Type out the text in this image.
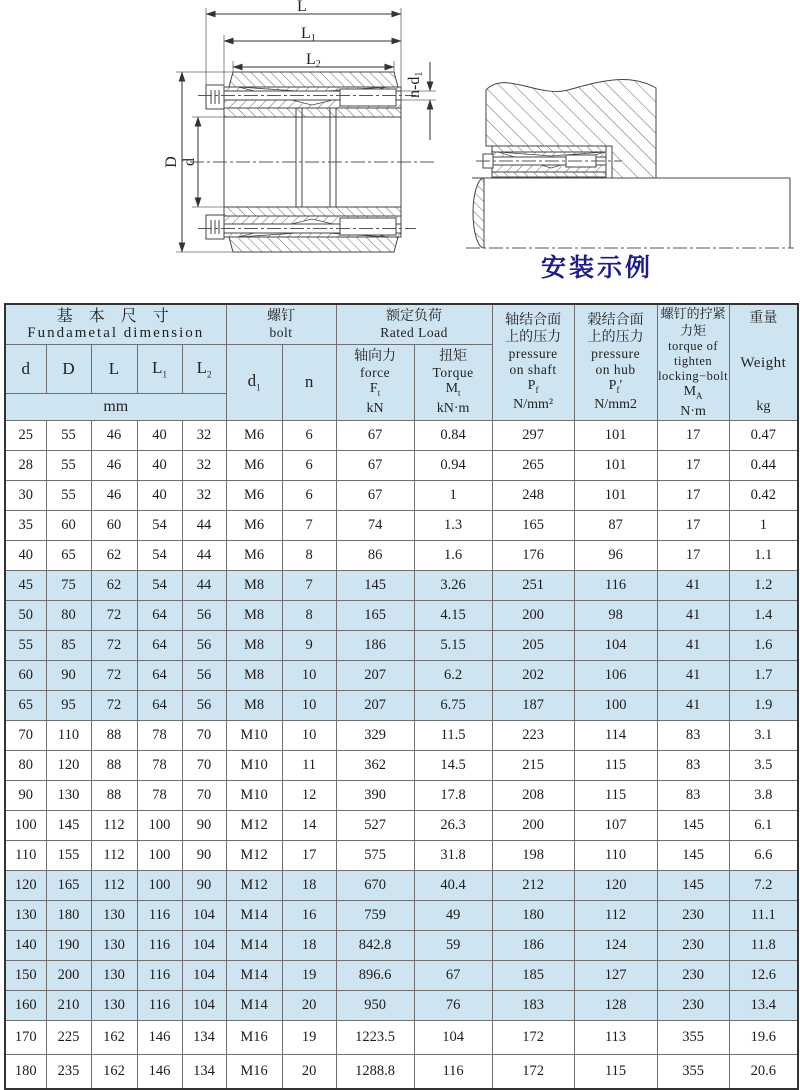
L
L1
L2
D d
n-d1
安装示例
基 本 尺 寸
Fundametal dimension

螺钉
bolt

额定负荷
Rated Load

轴结合面
上的压力
pressure
on shaft
$P_f$
N/mm²

榖结合面
上的压力
pressure
on hub
$P_f'$
N/mm2

螺钉的拧紧
力矩
torque of
tighten
locking−bolt
$M_A$
N·m

重量
Weight
kg

d	D	L	$L_1$	$L_2$	$d_1$	n	
轴向力
force
$F_t$
kN

扭矩
Torque
$M_t$
kN·m

mm												
25	55	46	40	32	M6	6	67	0.84	297	101	17	0.47
28	55	46	40	32	M6	6	67	0.94	265	101	17	0.44
30	55	46	40	32	M6	6	67	1	248	101	17	0.42
35	60	60	54	44	M6	7	74	1.3	165	87	17	1
40	65	62	54	44	M6	8	86	1.6	176	96	17	1.1
45	75	62	54	44	M8	7	145	3.26	251	116	41	1.2
50	80	72	64	56	M8	8	165	4.15	200	98	41	1.4
55	85	72	64	56	M8	9	186	5.15	205	104	41	1.6
60	90	72	64	56	M8	10	207	6.2	202	106	41	1.7
65	95	72	64	56	M8	10	207	6.75	187	100	41	1.9
70	110	88	78	70	M10	10	329	11.5	223	114	83	3.1
80	120	88	78	70	M10	11	362	14.5	215	115	83	3.5
90	130	88	78	70	M10	12	390	17.8	208	115	83	3.8
100	145	112	100	90	M12	14	527	26.3	200	107	145	6.1
110	155	112	100	90	M12	17	575	31.8	198	110	145	6.6
120	165	112	100	90	M12	18	670	40.4	212	120	145	7.2
130	180	130	116	104	M14	16	759	49	180	112	230	11.1
140	190	130	116	104	M14	18	842.8	59	186	124	230	11.8
150	200	130	116	104	M14	19	896.6	67	185	127	230	12.6
160	210	130	116	104	M14	20	950	76	183	128	230	13.4
170	225	162	146	134	M16	19	1223.5	104	172	113	355	19.6
180	235	162	146	134	M16	20	1288.8	116	172	115	355	20.6
